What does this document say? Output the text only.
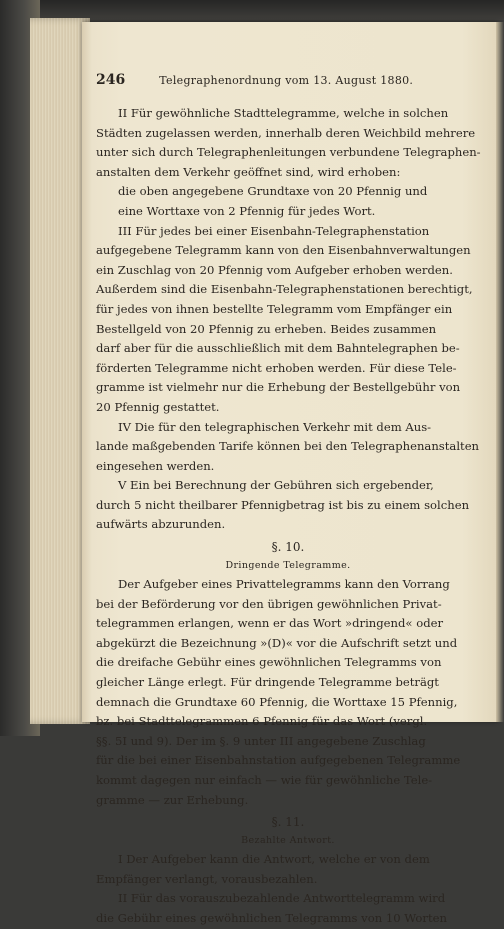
246	Telegraphenordnung vom 13. August 1880.
II Für gewöhnliche Stadttelegramme, welche in solchen
Städten zugelassen werden, innerhalb deren Weichbild mehrere
unter sich durch Telegraphenleitungen verbundene Telegraphen-
anstalten dem Verkehr geöffnet sind, wird erhoben:
die oben angegebene Grundtaxe von 20 Pfennig und
eine Worttaxe von 2 Pfennig für jedes Wort.
III Für jedes bei einer Eisenbahn-Telegraphenstation
aufgegebene Telegramm kann von den Eisenbahnverwaltungen
ein Zuschlag von 20 Pfennig vom Aufgeber erhoben werden.
Außerdem sind die Eisenbahn-Telegraphenstationen berechtigt,
für jedes von ihnen bestellte Telegramm vom Empfänger ein
Bestellgeld von 20 Pfennig zu erheben. Beides zusammen
darf aber für die ausschließlich mit dem Bahntelegraphen be-
förderten Telegramme nicht erhoben werden. Für diese Tele-
gramme ist vielmehr nur die Erhebung der Bestellgebühr von
20 Pfennig gestattet.
IV Die für den telegraphischen Verkehr mit dem Aus-
lande maßgebenden Tarife können bei den Telegraphenanstalten
eingesehen werden.
V Ein bei Berechnung der Gebühren sich ergebender,
durch 5 nicht theilbarer Pfennigbetrag ist bis zu einem solchen
aufwärts abzurunden.
§. 10.
Dringende Telegramme.
Der Aufgeber eines Privattelegramms kann den Vorrang
bei der Beförderung vor den übrigen gewöhnlichen Privat-
telegrammen erlangen, wenn er das Wort »dringend« oder
abgekürzt die Bezeichnung »(D)« vor die Aufschrift setzt und
die dreifache Gebühr eines gewöhnlichen Telegramms von
gleicher Länge erlegt. Für dringende Telegramme beträgt
demnach die Grundtaxe 60 Pfennig, die Worttaxe 15 Pfennig,
bz. bei Stadttelegrammen 6 Pfennig für das Wort (vergl.
§§. 5I und 9). Der im §. 9 unter III angegebene Zuschlag
für die bei einer Eisenbahnstation aufgegebenen Telegramme
kommt dagegen nur einfach — wie für gewöhnliche Tele-
gramme — zur Erhebung.
§. 11.
Bezahlte Antwort.
I Der Aufgeber kann die Antwort, welche er von dem
Empfänger verlangt, vorausbezahlen.
II Für das vorauszubezahlende Antworttelegramm wird
die Gebühr eines gewöhnlichen Telegramms von 10 Worten
